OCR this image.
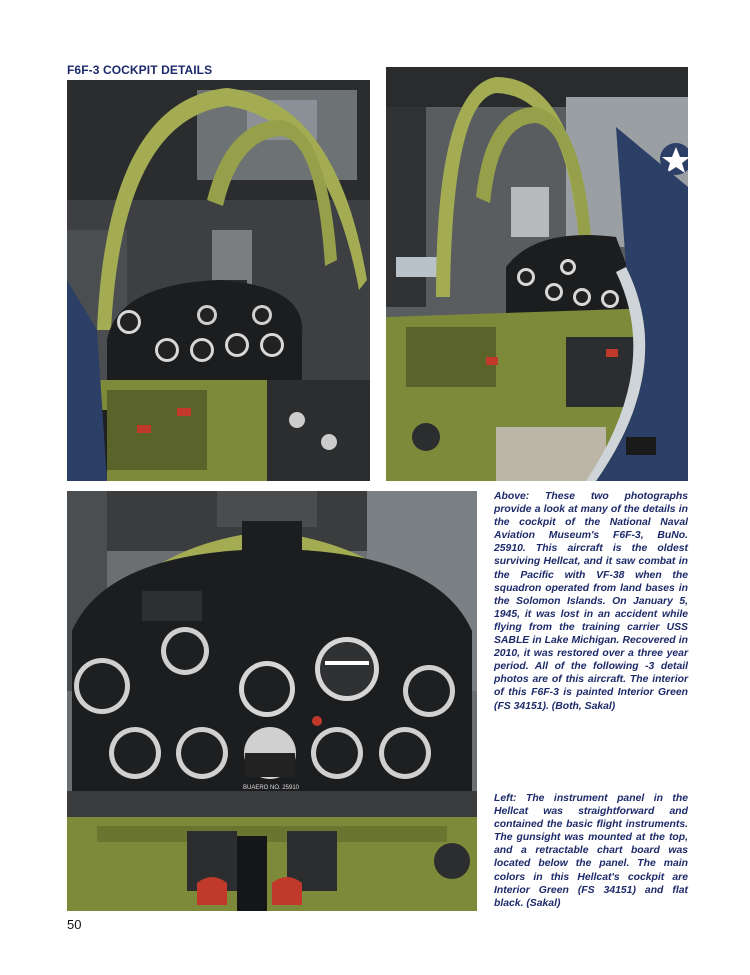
F6F-3 COCKPIT DETAILS
BUAERO NO. 25910
Above: These two photographs provide a look at many of the details in the cockpit of the National Naval Aviation Museum's F6F-3, BuNo. 25910. This aircraft is the oldest surviving Hellcat, and it saw combat in the Pacific with VF-38 when the squadron operated from land bases in the Solomon Islands. On January 5, 1945, it was lost in an accident while flying from the training carrier USS SABLE in Lake Michigan. Recovered in 2010, it was restored over a three year period. All of the following -3 detail photos are of this aircraft. The interior of this F6F-3 is painted Interior Green (FS 34151). (Both, Sakal)
Left: The instrument panel in the Hellcat was straightforward and contained the basic flight instruments. The gunsight was mounted at the top, and a retractable chart board was located below the panel. The main colors in this Hellcat's cockpit are Interior Green (FS 34151) and flat black. (Sakal)
50
